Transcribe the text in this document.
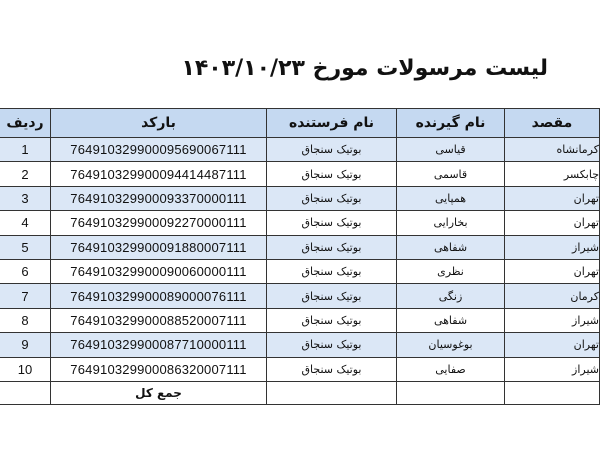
لیست مرسولات مورخ ۱۴۰۳/۱۰/۲۳
ردیف	بارکد	نام فرستنده	نام گیرنده	مقصد
1	764910329900095690067111	بوتیک سنجاق	قیاسی	کرمانشاه
2	764910329900094414487111	بوتیک سنجاق	قاسمی	چابکسر
3	764910329900093370000111	بوتیک سنجاق	همپایی	تهران
4	764910329900092270000111	بوتیک سنجاق	بخارایی	تهران
5	764910329900091880007111	بوتیک سنجاق	شفاهی	شیراز
6	764910329900090060000111	بوتیک سنجاق	نظری	تهران
7	764910329900089000076111	بوتیک سنجاق	زنگی	کرمان
8	764910329900088520007111	بوتیک سنجاق	شفاهی	شیراز
9	764910329900087710000111	بوتیک سنجاق	بوغوسیان	تهران
10	764910329900086320007111	بوتیک سنجاق	صفایی	شیراز
	جمع کل			
